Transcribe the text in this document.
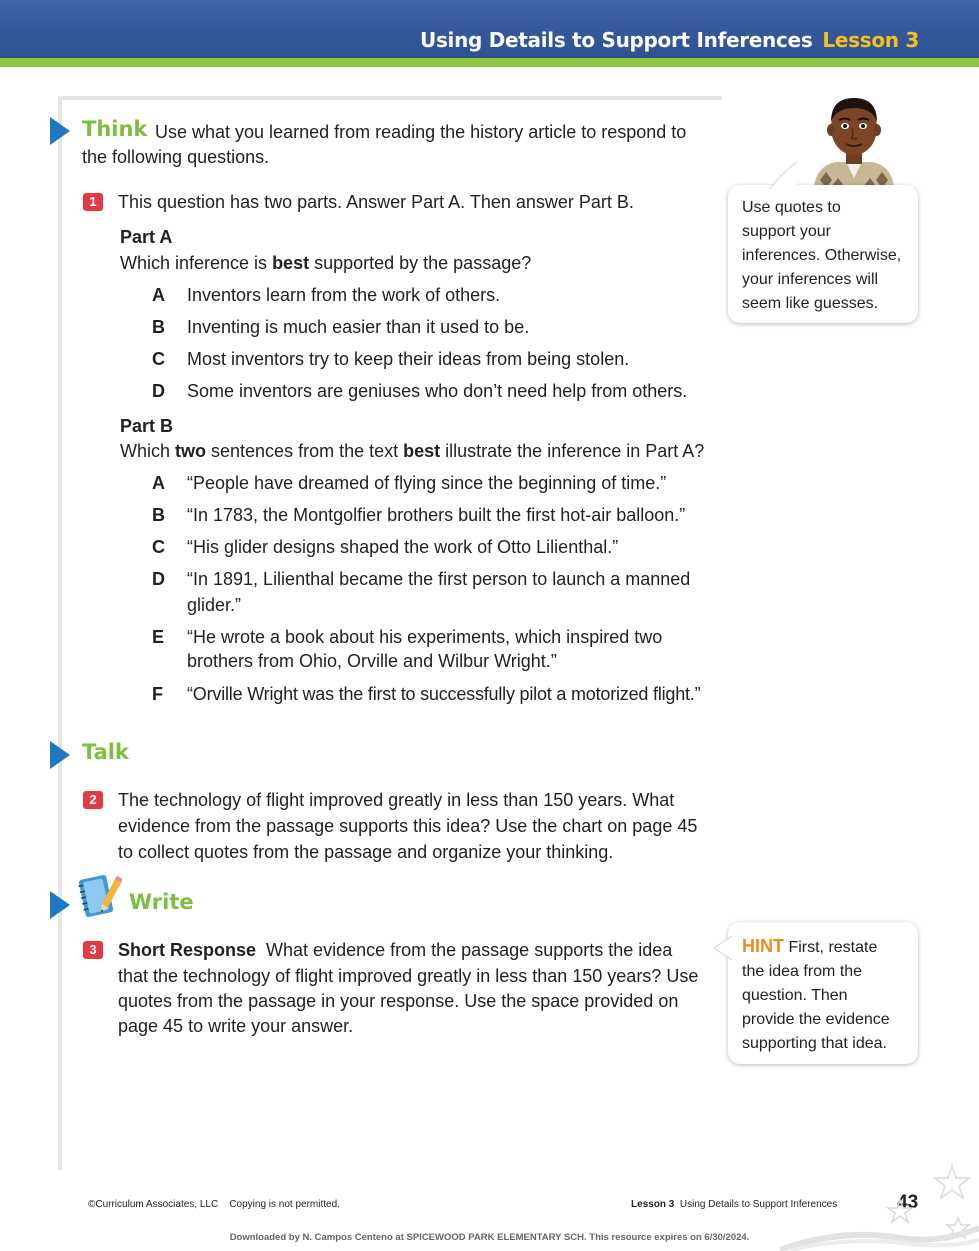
Using Details to Support Inferences Lesson 3
Think Use what you learned from reading the history article to respond to
the following questions.
1	This question has two parts. Answer Part A. Then answer Part B.
Part A
Which inference is best supported by the passage?
A Inventors learn from the work of others.
B Inventing is much easier than it used to be.
C Most inventors try to keep their ideas from being stolen.
D Some inventors are geniuses who don’t need help from others.
Part B
Which two sentences from the text best illustrate the inference in Part A?
A “People have dreamed of flying since the beginning of time.”
B “In 1783, the Montgolfier brothers built the first hot-air balloon.”
C “His glider designs shaped the work of Otto Lilienthal.”
D “In 1891, Lilienthal became the first person to launch a manned
glider.”
E “He wrote a book about his experiments, which inspired two
brothers from Ohio, Orville and Wilbur Wright.”
F “Orville Wright was the first to successfully pilot a motorized flight.”
Talk
2	The technology of flight improved greatly in less than 150 years. What
evidence from the passage supports this idea? Use the chart on page 45
to collect quotes from the passage and organize your thinking.
Write
3	Short Response What evidence from the passage supports the idea
that the technology of flight improved greatly in less than 150 years? Use
quotes from the passage in your response. Use the space provided on
page 45 to write your answer.
Use quotes to
support your
inferences. Otherwise,
your inferences will
seem like guesses.
HINT First, restate
the idea from the
question. Then
provide the evidence
supporting that idea.
©Curriculum Associates, LLC Copying is not permitted.	Lesson 3 Using Details to Support Inferences	43
Downloaded by N. Campos Centeno at SPICEWOOD PARK ELEMENTARY SCH. This resource expires on 6/30/2024.
